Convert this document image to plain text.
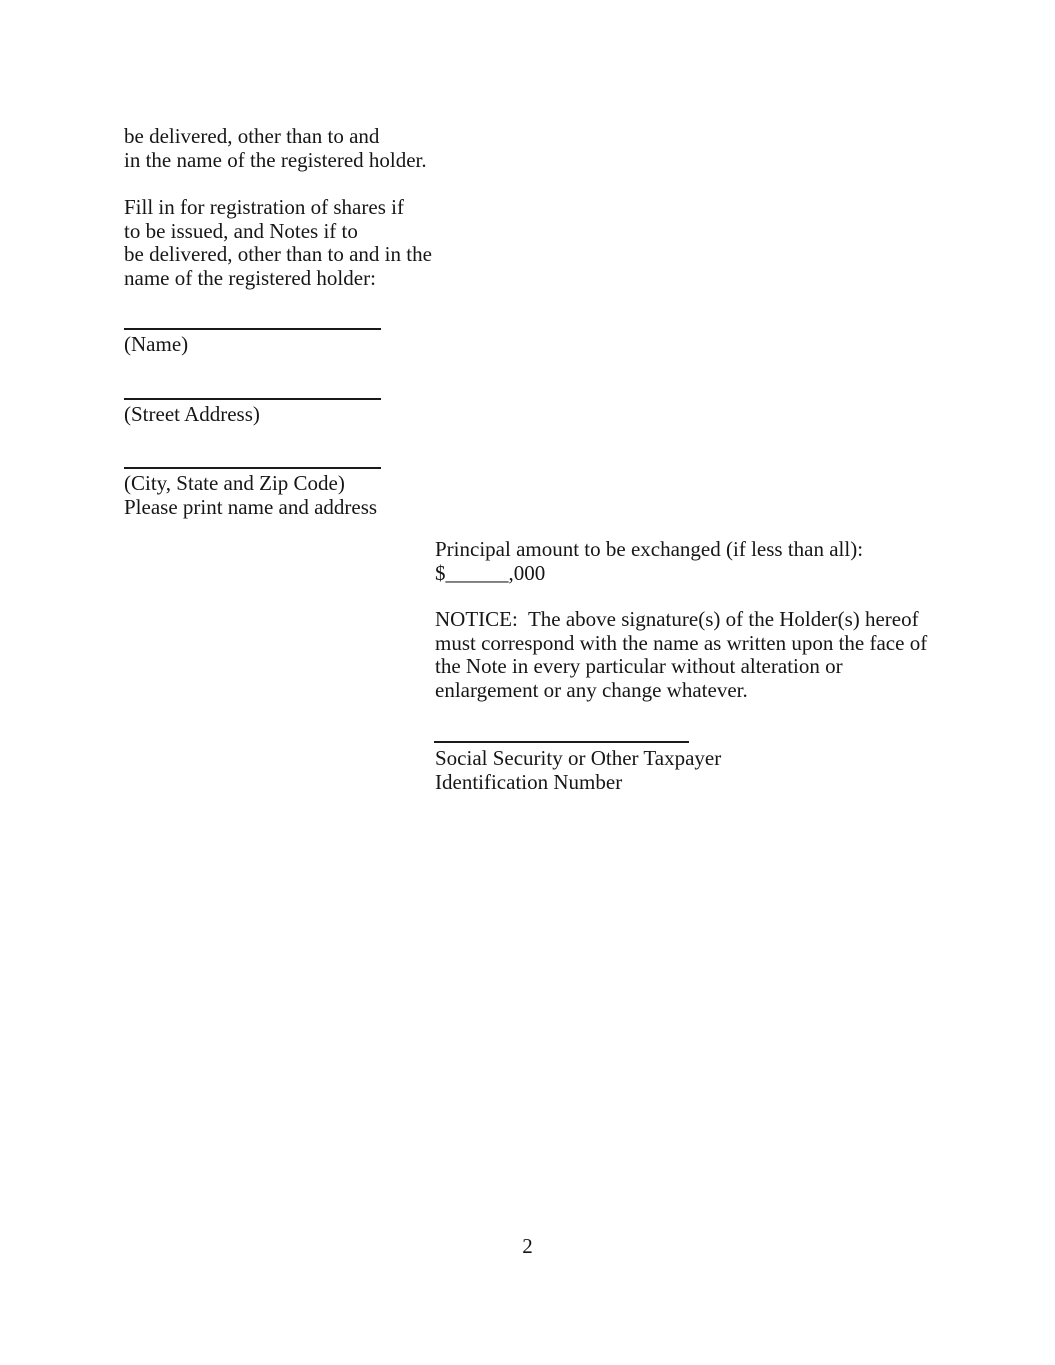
be delivered, other than to and
in the name of the registered holder.
Fill in for registration of shares if
to be issued, and Notes if to
be delivered, other than to and in the
name of the registered holder:
(Name)
(Street Address)
(City, State and Zip Code)
Please print name and address
Principal amount to be exchanged (if less than all):
$______,000
NOTICE:  The above signature(s) of the Holder(s) hereof
must correspond with the name as written upon the face of
the Note in every particular without alteration or
enlargement or any change whatever.
Social Security or Other Taxpayer
Identification Number
2
